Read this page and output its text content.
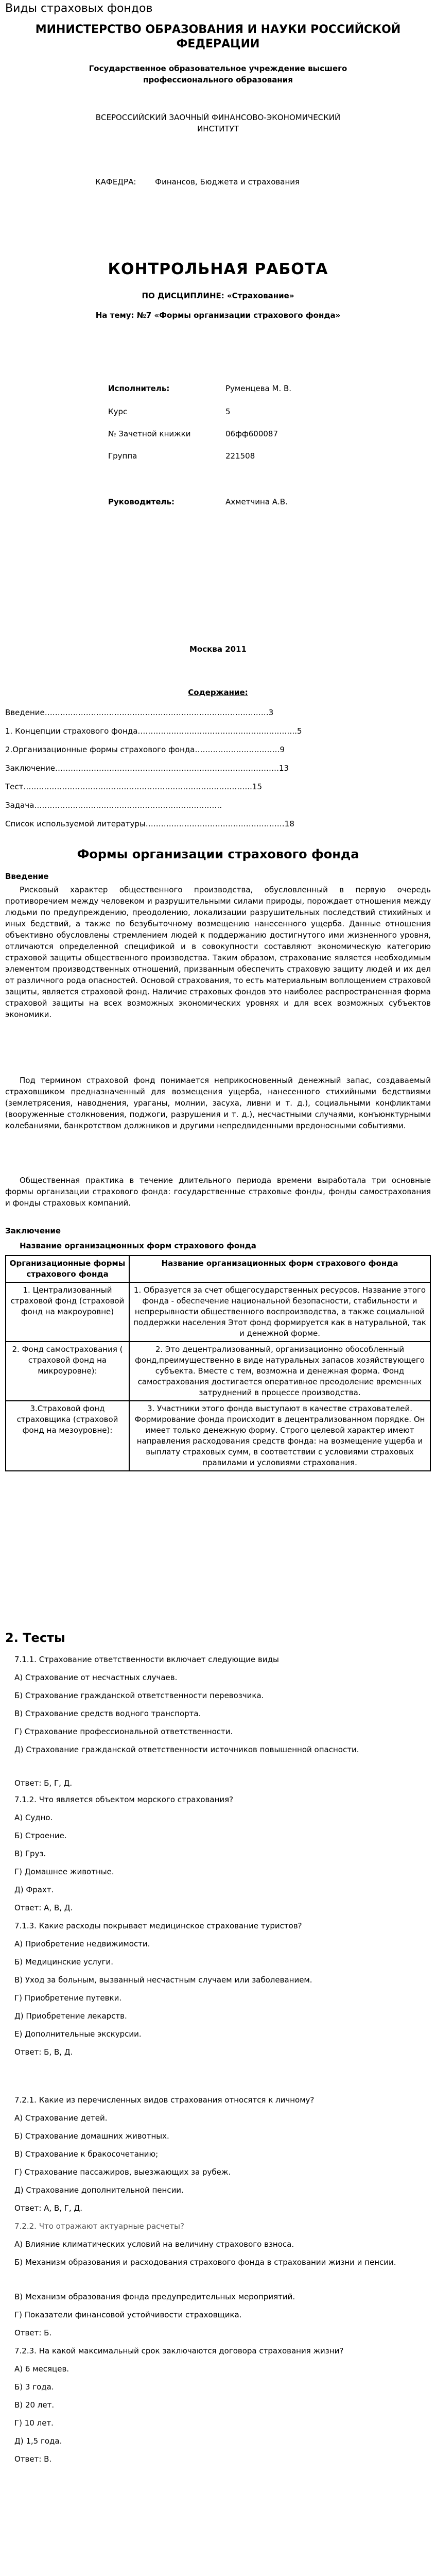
Виды страховых фондов
МИНИСТЕРСТВО ОБРАЗОВАНИЯ И НАУКИ РОССИЙСКОЙ
ФЕДЕРАЦИИ
Государственное образовательное учреждение высшего
профессионального образования
ВСЕРОССИЙСКИЙ ЗАОЧНЫЙ ФИНАНСОВО-ЭКОНОМИЧЕСКИЙ
ИНСТИТУТ
КАФЕДРА: Финансов, Бюджета и страхования
КОНТРОЛЬНАЯ РАБОТА
ПО ДИСЦИПЛИНЕ: «Страхование»
На тему: №7 «Формы организации страхового фонда»
Исполнитель:	Руменцева М. В.
Курс	5
№ Зачетной книжки	06фф600087
Группа	221508
Руководитель:	Ахметчина А.В.
Москва 2011
Содержание:
Введение……………………………………………………………………………3
1. Концепции страхового фонда……………………………………………………..5
2.Организационные формы страхового фонда……………………………9
Заключение……………………………………………………………………………13
Тест……………………………………………………………………………..15
Задача……………………………………………………………….
Список используемой литературы………………………………………………18
Формы организации страхового фонда
Введение
Рисковый характер общественного производства, обусловленный в первую очередь противоречием между человеком и разрушительными силами природы, порождает отношения между людьми по предупреждению, преодолению, локализации разрушительных последствий стихийных и иных бедствий, а также по безубыточному возмещению нанесенного ущерба. Данные отношения объективно обусловлены стремлением людей к поддержанию достигнутого ими жизненного уровня, отличаются определенной спецификой и в совокупности составляют экономическую категорию страховой защиты общественного производства. Таким образом, страхование является необходимым элементом производственных отношений, призванным обеспечить страховую защиту людей и их дел от различного рода опасностей. Основой страхования, то есть материальным воплощением страховой защиты, является страховой фонд. Наличие страховых фондов это наиболее распространенная форма страховой защиты на всех возможных экономических уровнях и для всех возможных субъектов экономики.
Под термином страховой фонд понимается неприкосновенный денежный запас, создаваемый страховщиком предназначенный для возмещения ущерба, нанесенного стихийными бедствиями (землетрясения, наводнения, ураганы, молнии, засуха, ливни и т. д.), социальными конфликтами (вооруженные столкновения, поджоги, разрушения и т. д.), несчастными случаями, конъюнктурными колебаниями, банкротством должников и другими непредвиденными вредоносными событиями.
Общественная практика в течение длительного периода времени выработала три основные формы организации страхового фонда: государственные страховые фонды, фонды самострахования и фонды страховых компаний.
Заключение
Название организационных форм страхового фонда
Организационные формы страхового фонда	Название организационных форм страхового фонда
1. Централизованный страховой фонд (страховой фонд на макроуровне)	1. Образуется за счет общегосударственных ресурсов. Название этого фонда - обеспечение национальной безопасности, стабильности и непрерывности общественного воспроизводства, а также социальной поддержки населения Этот фонд формируется как в натуральной, так и денежной форме.
2. Фонд самострахования ( страховой фонд на микроуровне):	2. Это децентрализованный, организационно обособленный фонд,преимущественно в виде натуральных запасов хозяйствующего субъекта. Вместе с тем, возможна и денежная форма. Фонд самострахования достигается оперативное преодоление временных затруднений в процессе производства.
3.Страховой фонд страховщика (страховой фонд на мезоуровне):	3. Участники этого фонда выступают в качестве страхователей. Формирование фонда происходит в децентрализованном порядке. Он имеет только денежную форму. Строго целевой характер имеют направления расходования средств фонда: на возмещение ущерба и выплату страховых сумм, в соответствии с условиями страховых правилами и условиями страхования.
2. Тесты
7.1.1. Страхование ответственности включает следующие виды
А) Страхование от несчастных случаев.
Б) Страхование гражданской ответственности перевозчика.
В) Страхование средств водного транспорта.
Г) Страхование профессиональной ответственности.
Д) Страхование гражданской ответственности источников повышенной опасности.
Ответ: Б, Г, Д.
7.1.2. Что является объектом морского страхования?
А) Судно.
Б) Строение.
В) Груз.
Г) Домашнее животные.
Д) Фрахт.
Ответ: А, В, Д.
7.1.3. Какие расходы покрывает медицинское страхование туристов?
А) Приобретение недвижимости.
Б) Медицинские услуги.
В) Уход за больным, вызванный несчастным случаем или заболеванием.
Г) Приобретение путевки.
Д) Приобретение лекарств.
Е) Дополнительные экскурсии.
Ответ: Б, В, Д.
7.2.1. Какие из перечисленных видов страхования относятся к личному?
А) Страхование детей.
Б) Страхование домашних животных.
В) Страхование к бракосочетанию;
Г) Страхование пассажиров, выезжающих за рубеж.
Д) Страхование дополнительной пенсии.
Ответ: А, В, Г, Д.
7.2.2. Что отражают актуарные расчеты?
А) Влияние климатических условий на величину страхового взноса.
Б) Механизм образования и расходования страхового фонда в страховании жизни и пенсии.
В) Механизм образования фонда предупредительных мероприятий.
Г) Показатели финансовой устойчивости страховщика.
Ответ: Б.
7.2.3. На какой максимальный срок заключаются договора страхования жизни?
А) 6 месяцев.
Б) 3 года.
В) 20 лет.
Г) 10 лет.
Д) 1,5 года.
Ответ: В.
